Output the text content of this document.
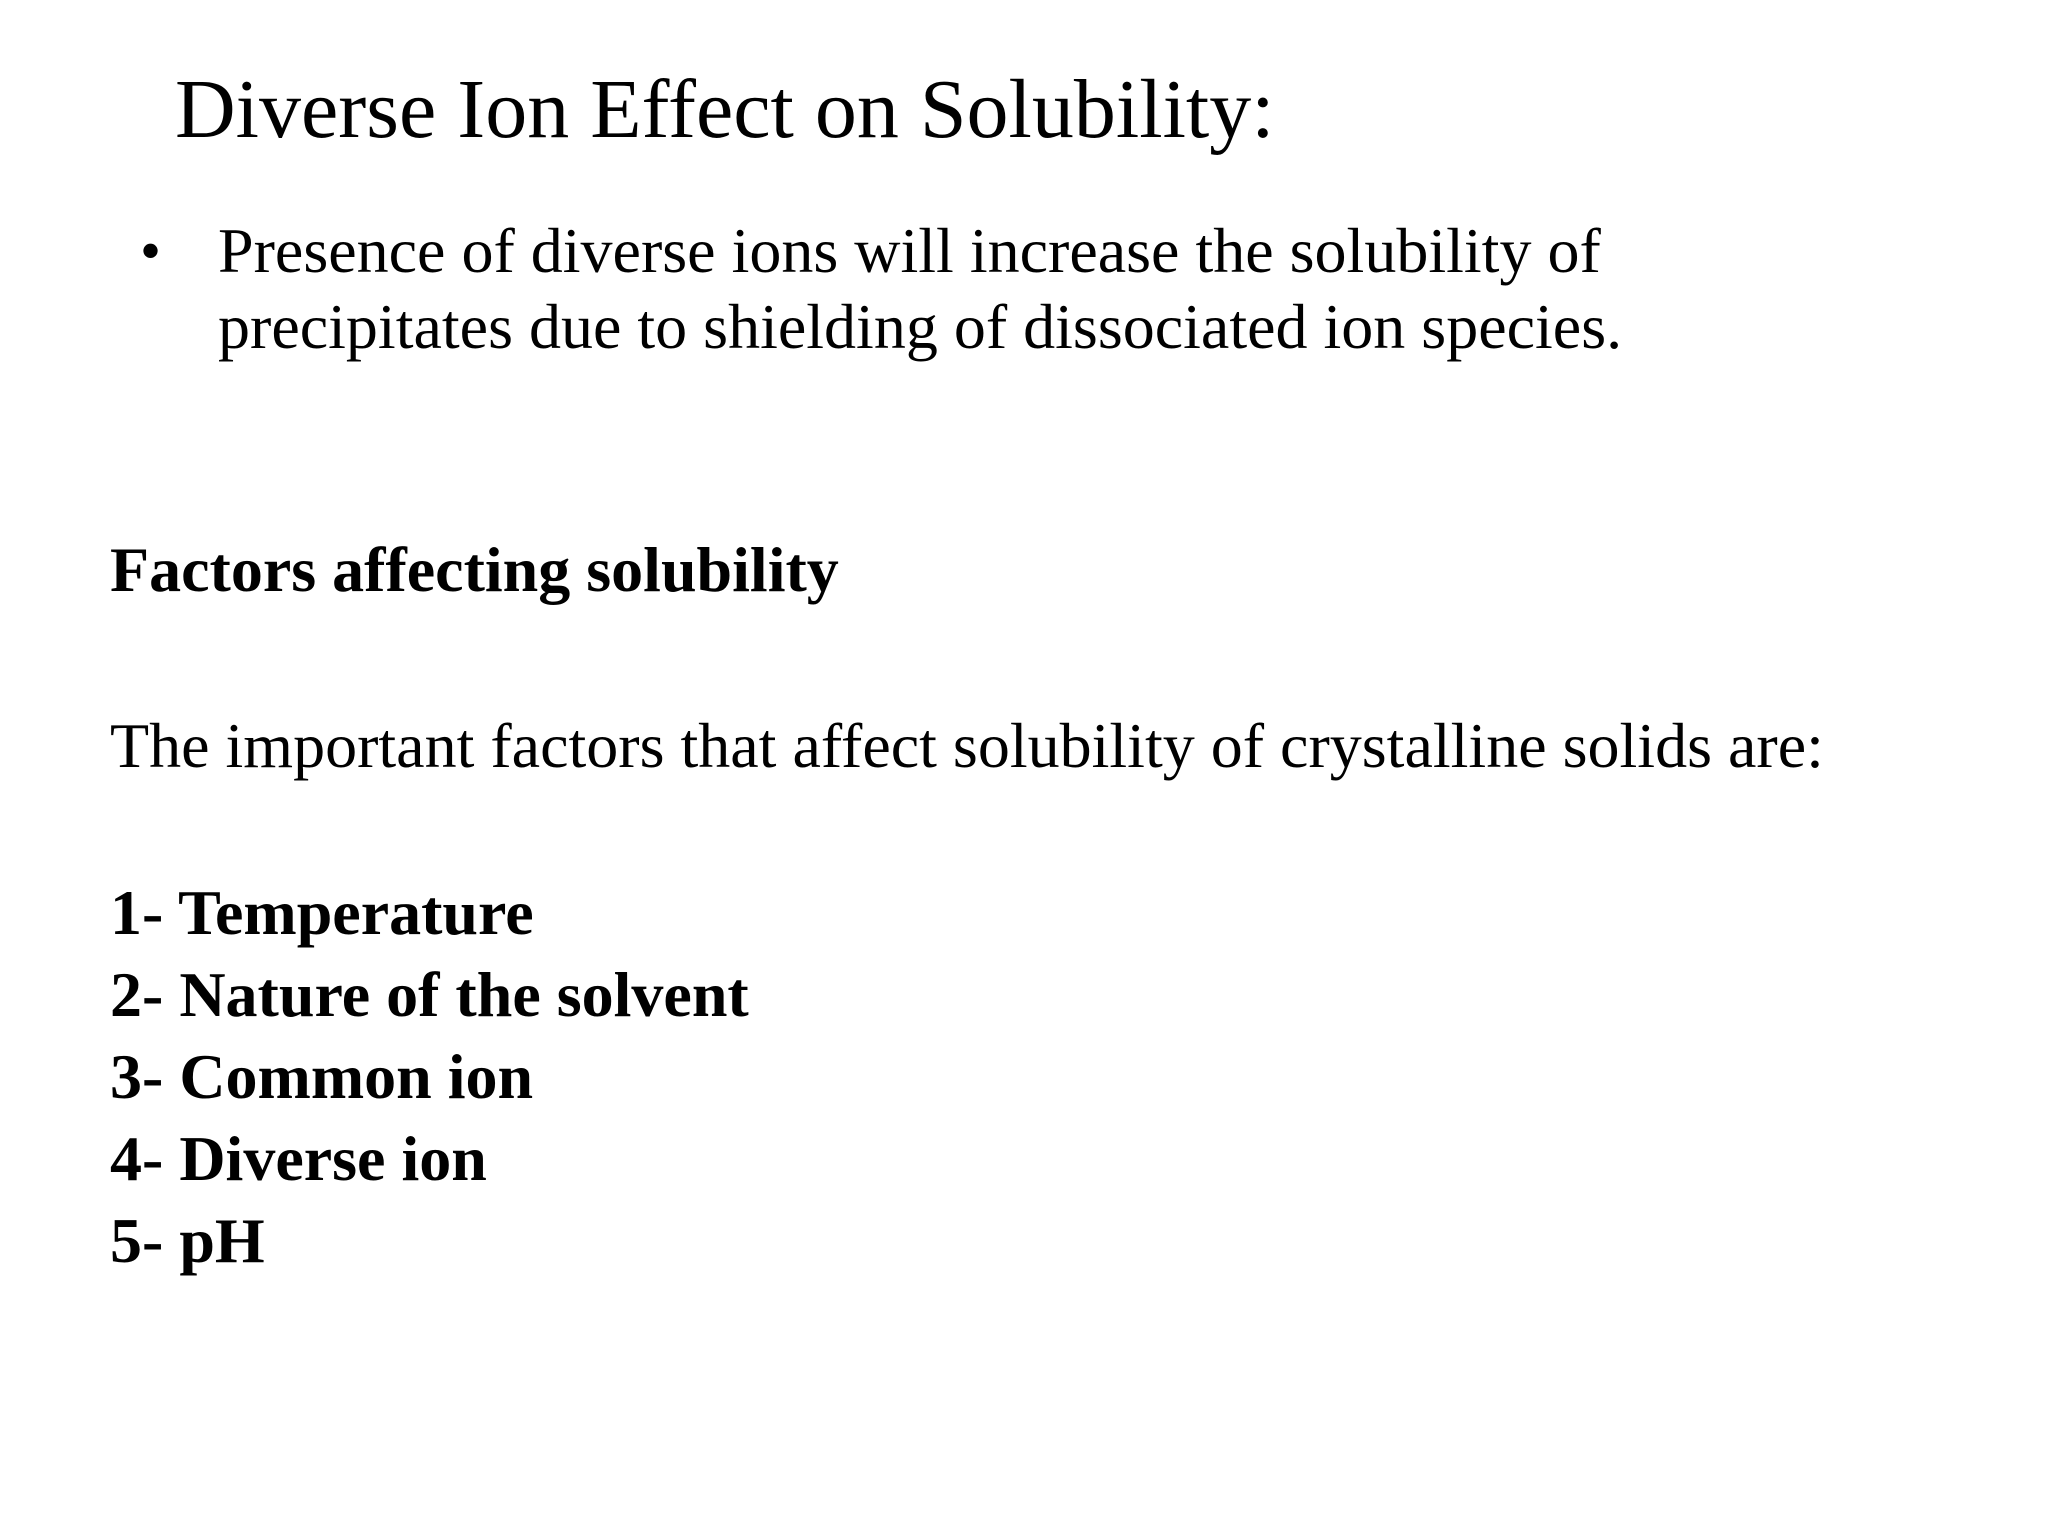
Diverse Ion Effect on Solubility:
• Presence of diverse ions will increase the solubility of precipitates due to shielding of dissociated ion species.
Factors affecting solubility
The important factors that affect solubility of crystalline solids are:
1- Temperature
2- Nature of the solvent
3- Common ion
4- Diverse ion
5- pH
